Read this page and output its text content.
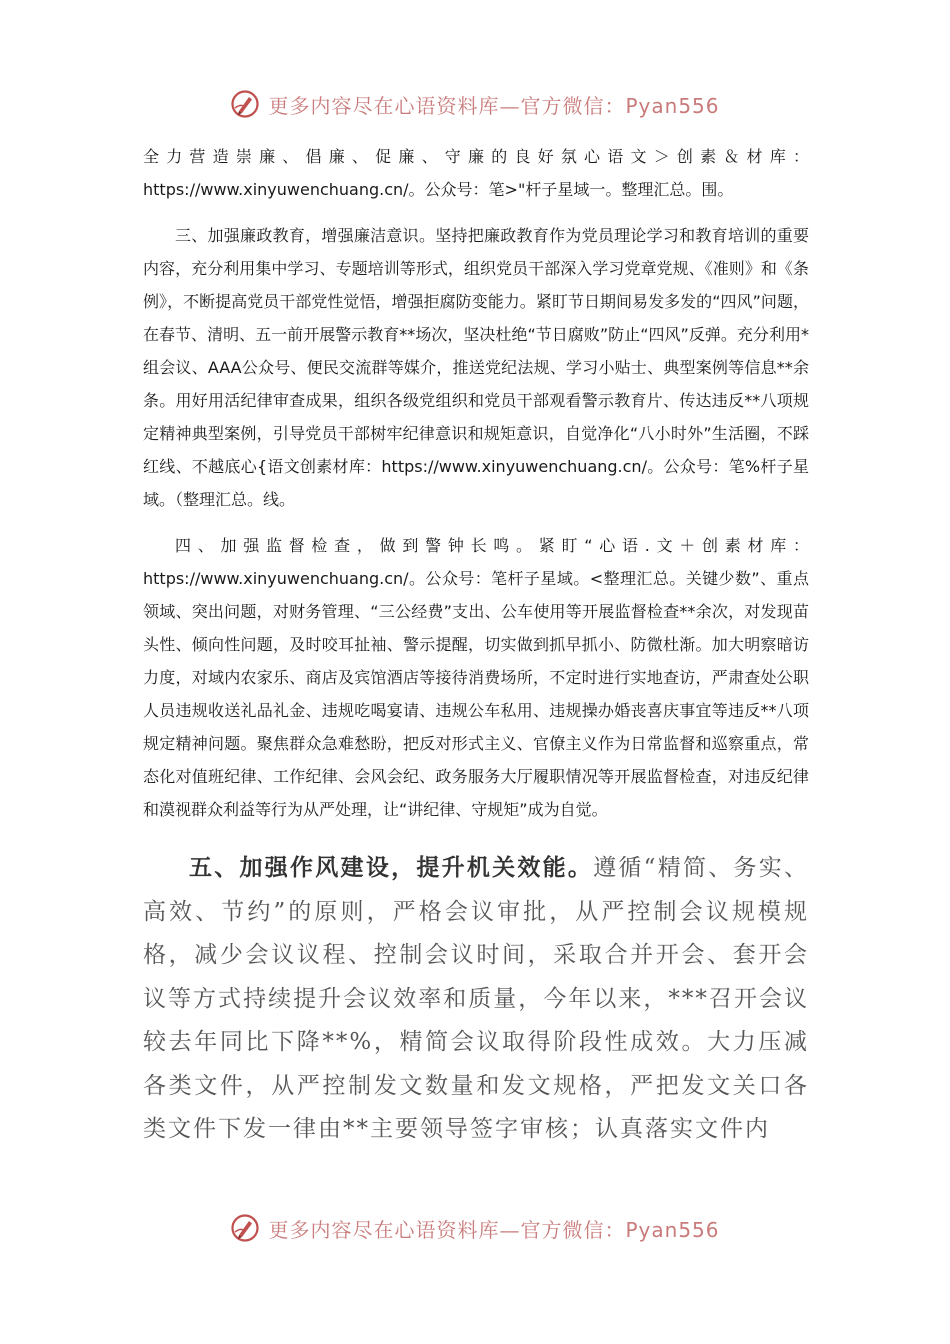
更多内容尽在心语资料库—官方微信：Pyan556

全力营造崇廉、倡廉、促廉、守廉的良好氛心语文＞创素＆材库：https://www.xinyuwenchuang.cn/。公众号：笔>"杆子星域一。整理汇总。围。

三、加强廉政教育，增强廉洁意识。坚持把廉政教育作为党员理论学习和教育培训的重要内容，充分利用集中学习、专题培训等形式，组织党员干部深入学习党章党规、《准则》和《条例》，不断提高党员干部党性觉悟，增强拒腐防变能力。紧盯节日期间易发多发的“四风”问题，在春节、清明、五一前开展警示教育**场次，坚决杜绝“节日腐败”防止“四风”反弹。充分利用*组会议、AAA公众号、便民交流群等媒介，推送党纪法规、学习小贴士、典型案例等信息**余条。用好用活纪律审查成果，组织各级党组织和党员干部观看警示教育片、传达违反**八项规定精神典型案例，引导党员干部树牢纪律意识和规矩意识，自觉净化“八小时外”生活圈，不踩红线、不越底心{语文创素材库：https://www.xinyuwenchuang.cn/。公众号：笔%杆子星域。（整理汇总。线。

四、加强监督检查，做到警钟长鸣。紧盯“心语.文＋创素材库：https://www.xinyuwenchuang.cn/。公众号：笔杆子星域。<整理汇总。关键少数”、重点领域、突出问题，对财务管理、“三公经费”支出、公车使用等开展监督检查**余次，对发现苗头性、倾向性问题，及时咬耳扯袖、警示提醒，切实做到抓早抓小、防微杜渐。加大明察暗访力度，对域内农家乐、商店及宾馆酒店等接待消费场所，不定时进行实地查访，严肃查处公职人员违规收送礼品礼金、违规吃喝宴请、违规公车私用、违规操办婚丧喜庆事宜等违反**八项规定精神问题。聚焦群众急难愁盼，把反对形式主义、官僚主义作为日常监督和巡察重点，常态化对值班纪律、工作纪律、会风会纪、政务服务大厅履职情况等开展监督检查，对违反纪律和漠视群众利益等行为从严处理，让“讲纪律、守规矩”成为自觉。

五、加强作风建设，提升机关效能。遵循“精简、务实、高效、节约”的原则，严格会议审批，从严控制会议规模规格，减少会议议程、控制会议时间，采取合并开会、套开会议等方式持续提升会议效率和质量，今年以来，***召开会议较去年同比下降**%，精简会议取得阶段性成效。大力压减各类文件，从严控制发文数量和发文规格，严把发文关口各类文件下发一律由**主要领导签字审核；认真落实文件内

更多内容尽在心语资料库—官方微信：Pyan556
